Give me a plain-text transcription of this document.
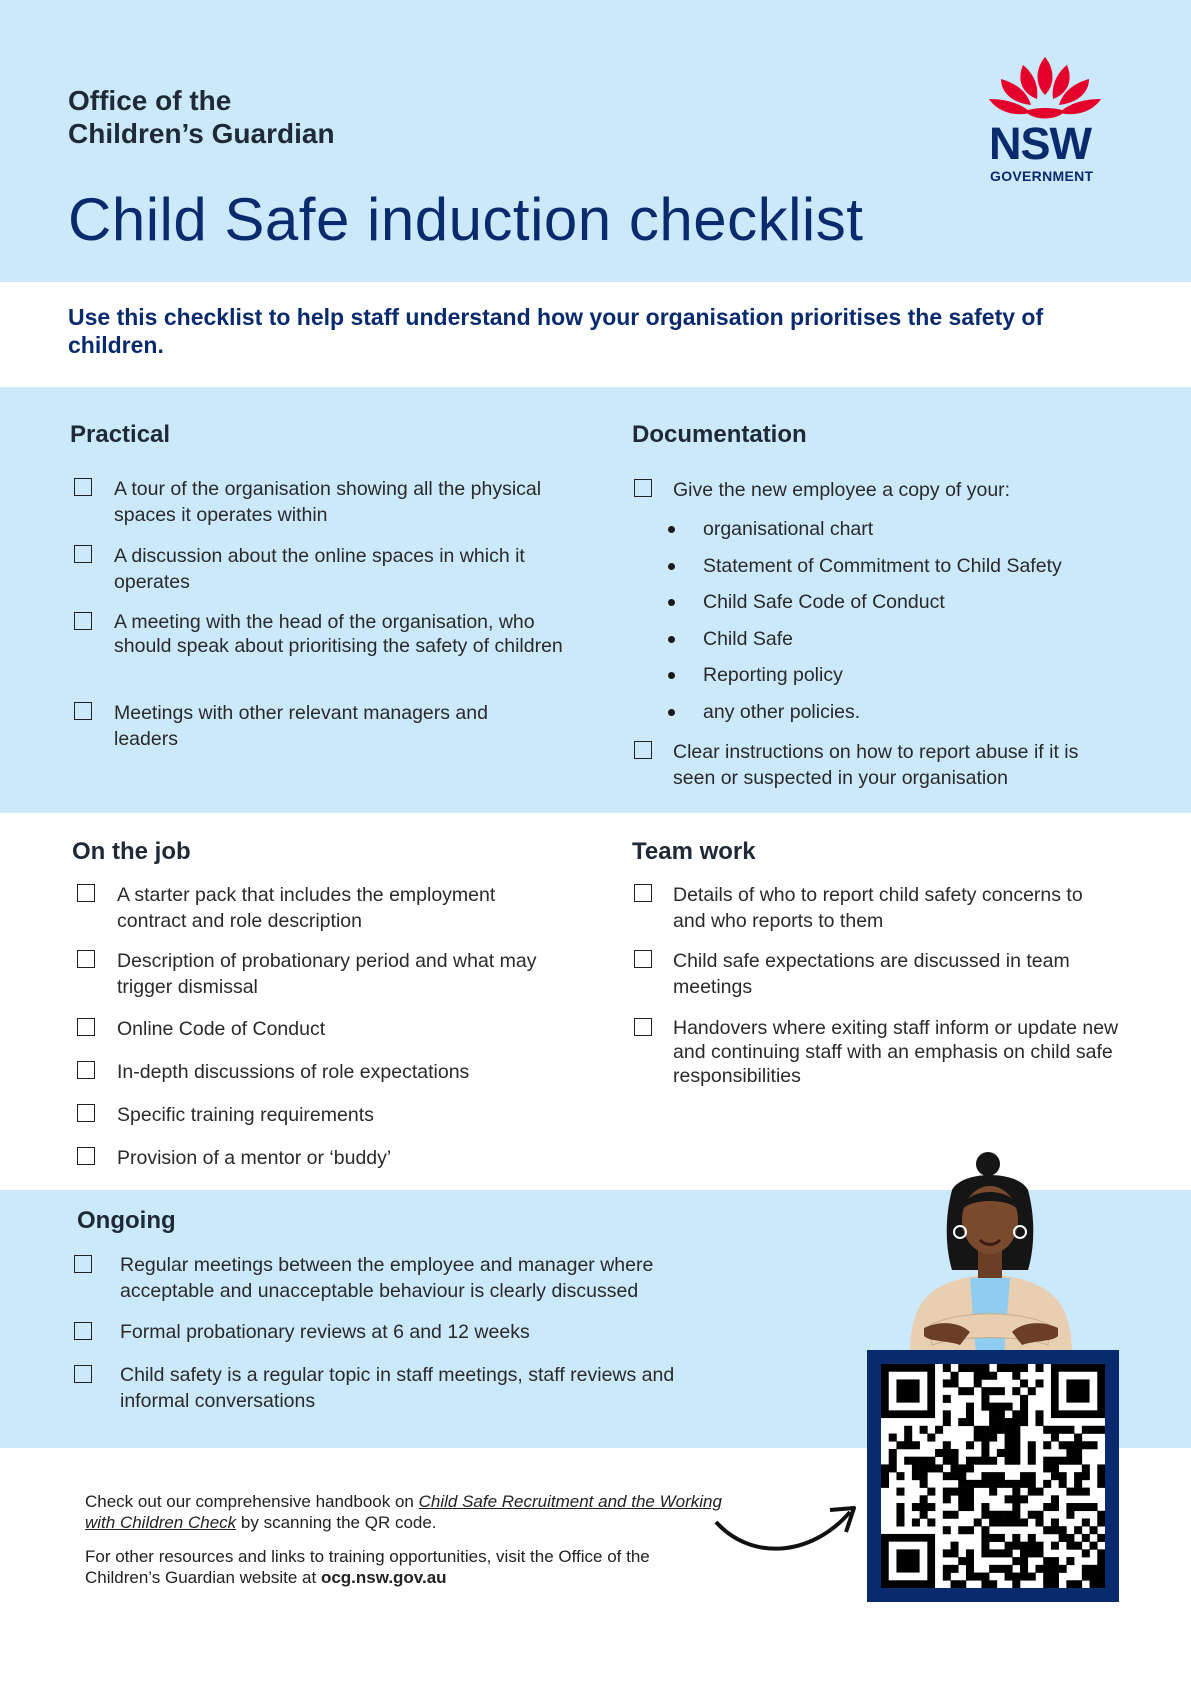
Office of the
Children’s Guardian	NSW
GOVERNMENT
Child Safe induction checklist
Use this checklist to help staff understand how your organisation prioritises the safety of children.
Practical
A tour of the organisation showing all the physical spaces it operates within
A discussion about the online spaces in which it operates
A meeting with the head of the organisation, who should speak about prioritising the safety of children
Meetings with other relevant managers and leaders
Documentation
Give the new employee a copy of your:
organisational chart
Statement of Commitment to Child Safety
Child Safe Code of Conduct
Child Safe
Reporting policy
any other policies.
Clear instructions on how to report abuse if it is seen or suspected in your organisation
On the job
A starter pack that includes the employment contract and role description
Description of probationary period and what may trigger dismissal
Online Code of Conduct
In-depth discussions of role expectations
Specific training requirements
Provision of a mentor or ‘buddy’
Team work
Details of who to report child safety concerns to and who reports to them
Child safe expectations are discussed in team meetings
Handovers where exiting staff inform or update new and continuing staff with an emphasis on child safe responsibilities
Ongoing
Regular meetings between the employee and manager where acceptable and unacceptable behaviour is clearly discussed
Formal probationary reviews at 6 and 12 weeks
Child safety is a regular topic in staff meetings, staff reviews and informal conversations
Check out our comprehensive handbook on Child Safe Recruitment and the Working with Children Check by scanning the QR code.
For other resources and links to training opportunities, visit the Office of the Children’s Guardian website at ocg.nsw.gov.au
